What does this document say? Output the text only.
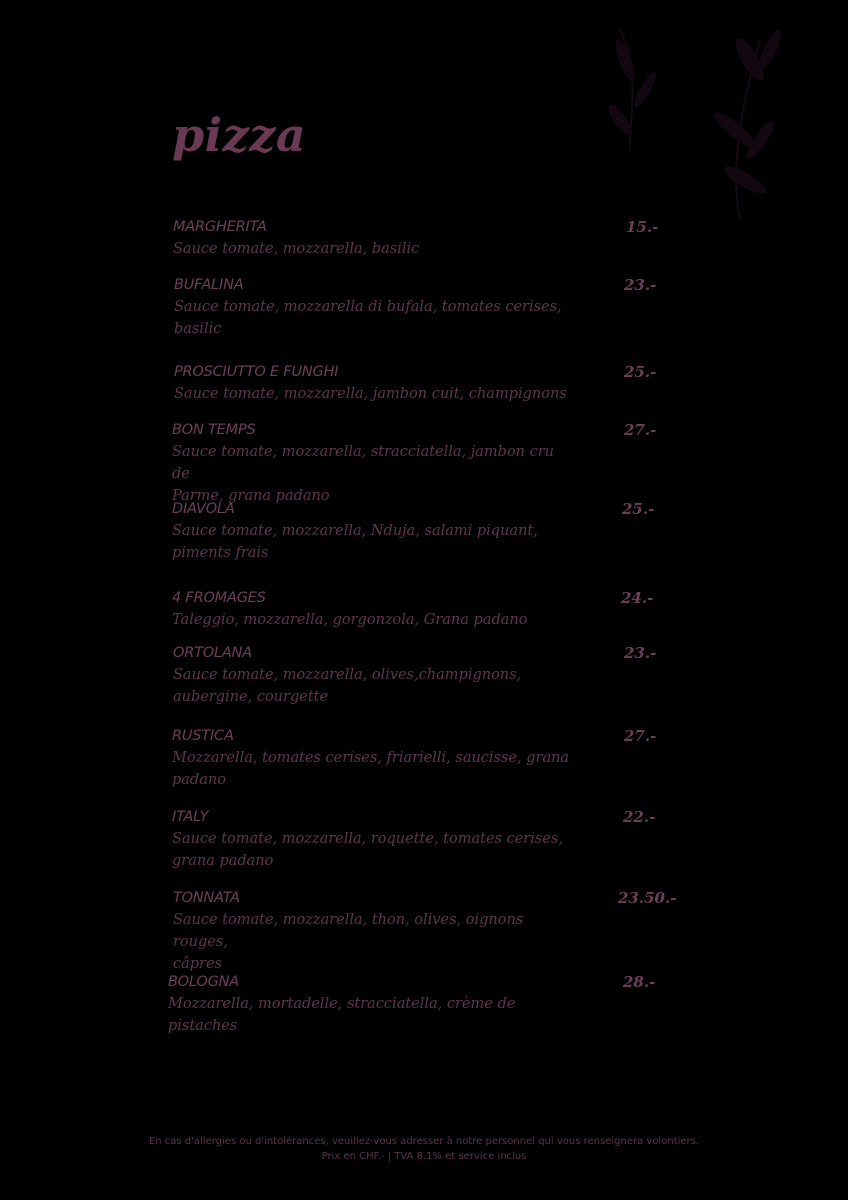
pizza
MARGHERITA
Sauce tomate, mozzarella, basilic
15.-
BUFALINA
Sauce tomate, mozzarella di bufala, tomates cerises,
basilic
23.-
PROSCIUTTO E FUNGHI
Sauce tomate, mozzarella, jambon cuit, champignons
25.-
BON TEMPS
Sauce tomate, mozzarella, stracciatella, jambon cru de
Parme, grana padano
27.-
DIAVOLA
Sauce tomate, mozzarella, Nduja, salami piquant,
piments frais
25.-
4 FROMAGES
Taleggio, mozzarella, gorgonzola, Grana padano
24.-
ORTOLANA
Sauce tomate, mozzarella, olives,champignons,
aubergine, courgette
23.-
RUSTICA
Mozzarella, tomates cerises, friarielli, saucisse, grana
padano
27.-
ITALY
Sauce tomate, mozzarella, roquette, tomates cerises,
grana padano
22.-
TONNATA
Sauce tomate, mozzarella, thon, olives, oignons rouges,
câpres
23.50.-
BOLOGNA
Mozzarella, mortadelle, stracciatella, crème de pistaches
28.-
En cas d'allergies ou d'intolérances, veuillez-vous adresser à notre personnel qui vous renseignera volontiers.
Prix en CHF.- | TVA 8.1% et service inclus
